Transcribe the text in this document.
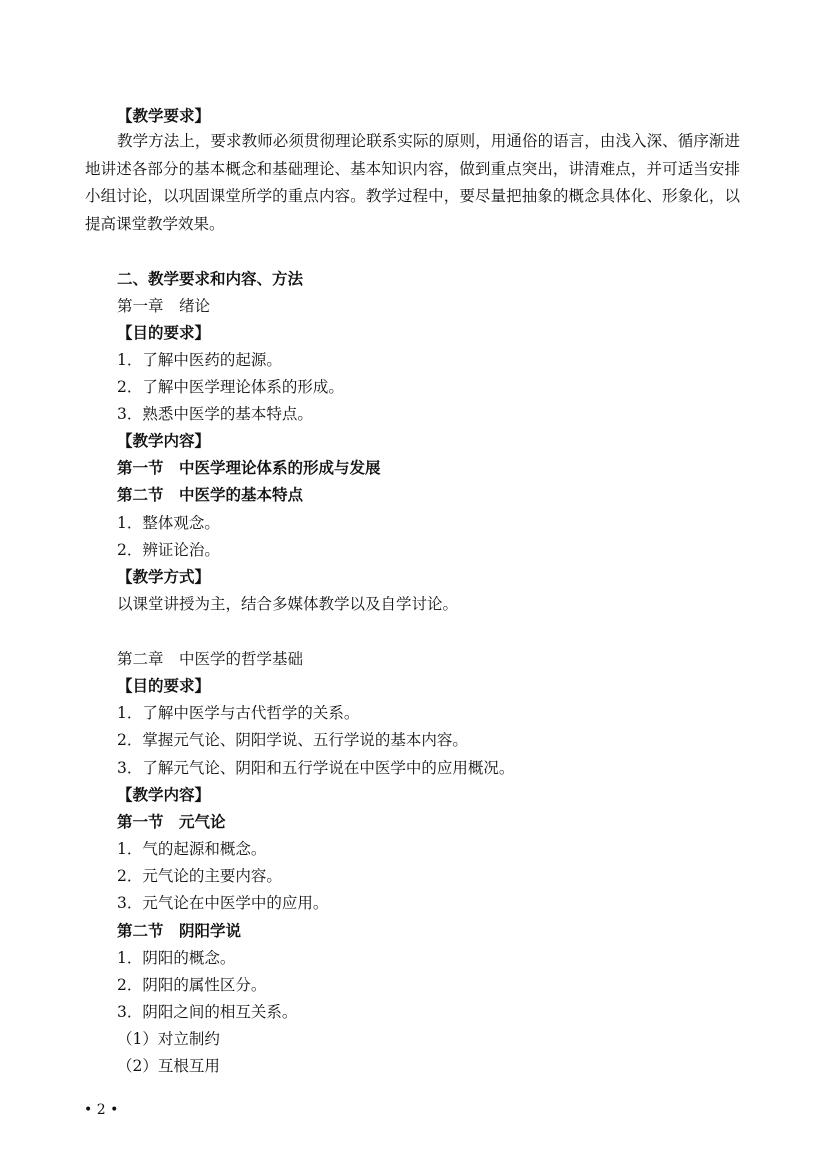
【教学要求】
教学方法上，要求教师必须贯彻理论联系实际的原则，用通俗的语言，由浅入深、循序渐进地讲述各部分的基本概念和基础理论、基本知识内容，做到重点突出，讲清难点，并可适当安排小组讨论，以巩固课堂所学的重点内容。教学过程中，要尽量把抽象的概念具体化、形象化，以提高课堂教学效果。
二、教学要求和内容、方法
第一章　绪论
【目的要求】
1．了解中医药的起源。
2．了解中医学理论体系的形成。
3．熟悉中医学的基本特点。
【教学内容】
第一节　中医学理论体系的形成与发展
第二节　中医学的基本特点
1．整体观念。
2．辨证论治。
【教学方式】
以课堂讲授为主，结合多媒体教学以及自学讨论。
第二章　中医学的哲学基础
【目的要求】
1．了解中医学与古代哲学的关系。
2．掌握元气论、阴阳学说、五行学说的基本内容。
3．了解元气论、阴阳和五行学说在中医学中的应用概况。
【教学内容】
第一节　元气论
1．气的起源和概念。
2．元气论的主要内容。
3．元气论在中医学中的应用。
第二节　阴阳学说
1．阴阳的概念。
2．阴阳的属性区分。
3．阴阳之间的相互关系。
（1）对立制约
（2）互根互用
• 2 •
